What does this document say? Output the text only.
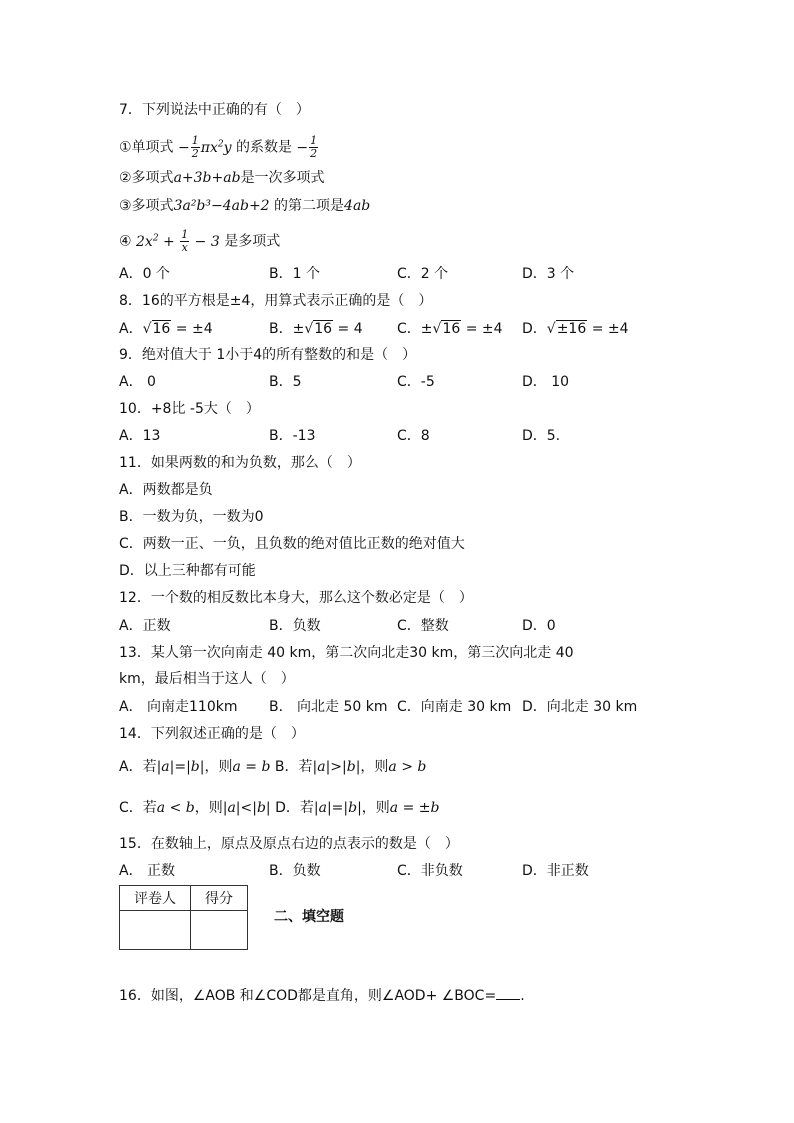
7．下列说法中正确的有（　）
①单项式 − $\frac{1}{2} \pi x^2y$ 的系数是 − $\frac{1}{2}$
②多项式a+3b+ab是一次多项式
③多项式3a²b³−4ab+2 的第二项是4ab
④ $2x^2 + \frac{1}{x} - 3$ 是多项式
A．0 个	B．1 个	C．2 个	D．3 个
8．16的平方根是±4，用算式表示正确的是（　）
A．√16 = ±4	B．±√16 = 4 C．±√16 = ±4 D．√±16 = ±4
9．绝对值大于 1小于4的所有整数的和是（　）
A． 0	B．5	C．-5	D． 10
10．+8比 -5大（　）
A．13	B．-13	C．8	D．5.
11．如果两数的和为负数，那么（　）
A．两数都是负
B．一数为负，一数为0
C．两数一正、一负，且负数的绝对值比正数的绝对值大
D．以上三种都有可能
12．一个数的相反数比本身大，那么这个数必定是（　）
A．正数	B．负数	C．整数	D．0
13．某人第一次向南走 40 km，第二次向北走30 km，第三次向北走 40
km，最后相当于这人（　）
A． 向南走110km B． 向北走 50 km C．向南走 30 km D．向北走 30 km
14．下列叙述正确的是（　）
A．若|a|=|b|，则a = b B．若|a|>|b|，则a > b
C．若a < b，则|a|<|b| D．若|a|=|b|，则a = ±b
15．在数轴上，原点及原点右边的点表示的数是（　）
A． 正数	B．负数	C．非负数	D．非正数
评卷人	得分

二、填空题
16．如图，∠AOB 和∠COD都是直角，则∠AOD+ ∠BOC= .
